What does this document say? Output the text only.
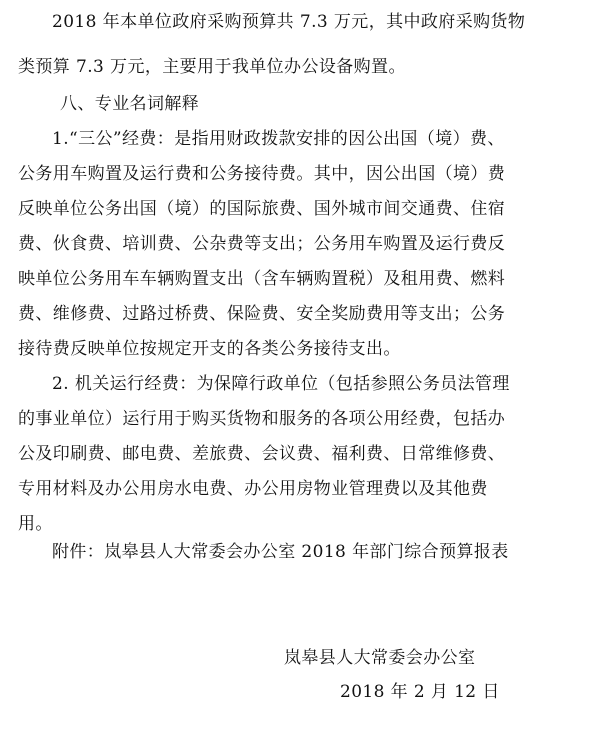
2018 年本单位政府采购预算共 7.3 万元，其中政府采购货物
类预算 7.3 万元，主要用于我单位办公设备购置。
八、专业名词解释
1.“三公”经费：是指用财政拨款安排的因公出国（境）费、
公务用车购置及运行费和公务接待费。其中，因公出国（境）费
反映单位公务出国（境）的国际旅费、国外城市间交通费、住宿
费、伙食费、培训费、公杂费等支出；公务用车购置及运行费反
映单位公务用车车辆购置支出（含车辆购置税）及租用费、燃料
费、维修费、过路过桥费、保险费、安全奖励费用等支出；公务
接待费反映单位按规定开支的各类公务接待支出。
2. 机关运行经费：为保障行政单位（包括参照公务员法管理
的事业单位）运行用于购买货物和服务的各项公用经费，包括办
公及印刷费、邮电费、差旅费、会议费、福利费、日常维修费、
专用材料及办公用房水电费、办公用房物业管理费以及其他费
用。
附件：岚皋县人大常委会办公室 2018 年部门综合预算报表
岚皋县人大常委会办公室
2018 年 2 月 12 日
